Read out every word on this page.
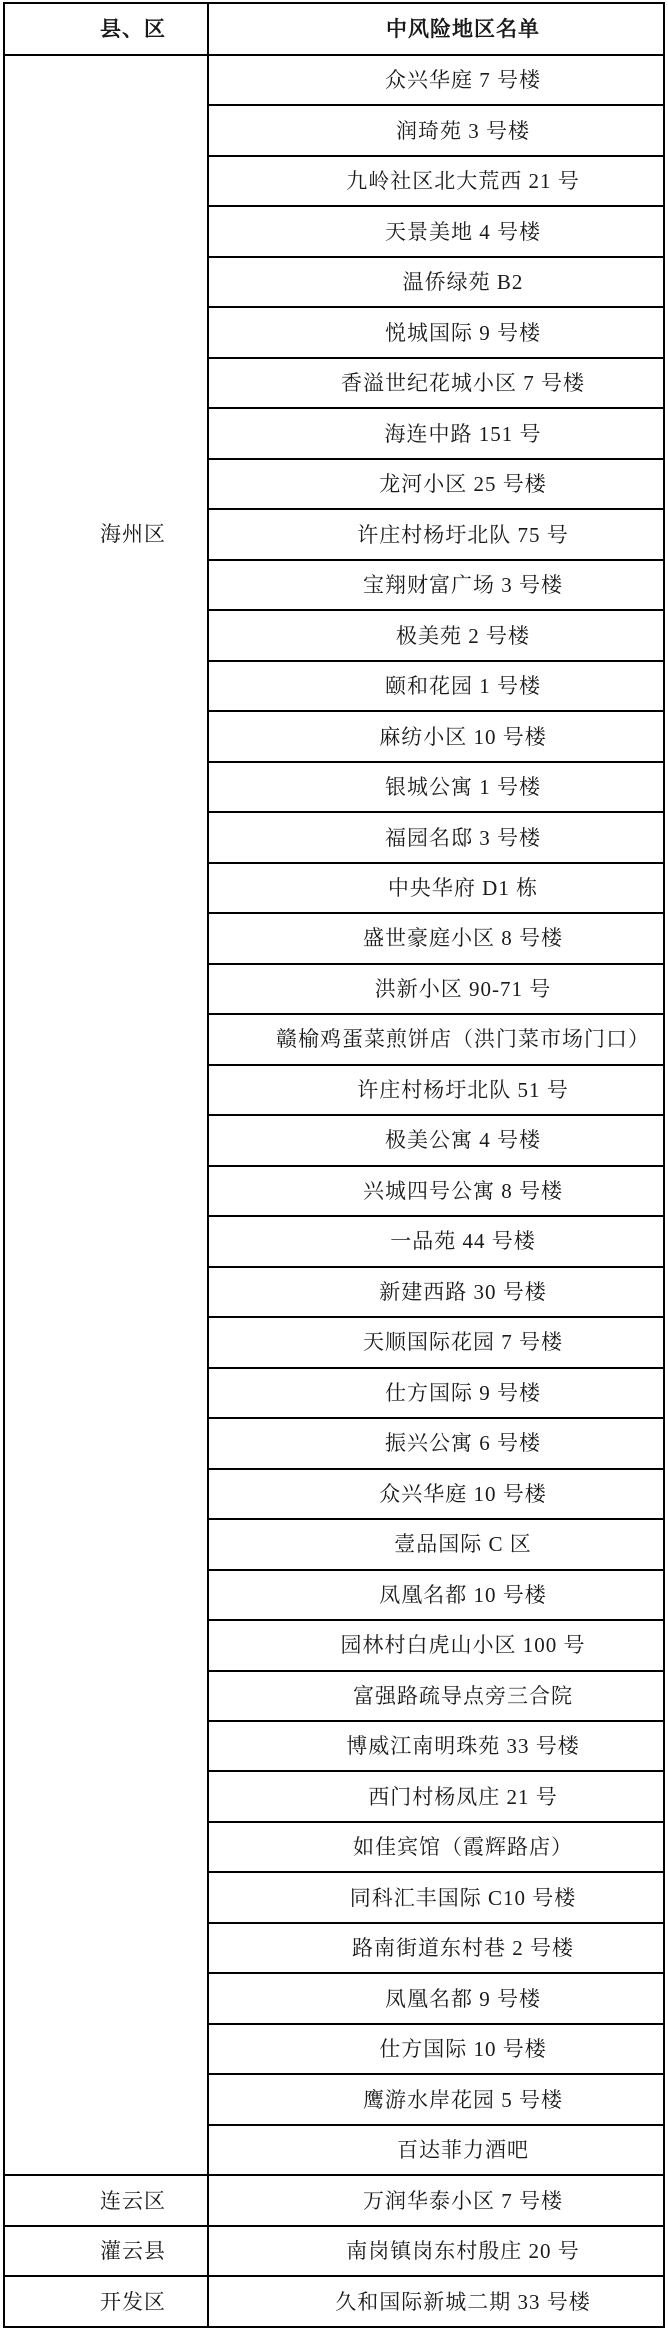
县、区	中风险地区名单

海州区	众兴华庭 7 号楼
	润琦苑 3 号楼
	九岭社区北大荒西 21 号
	天景美地 4 号楼
	温侨绿苑 B2
	悦城国际 9 号楼
	香溢世纪花城小区 7 号楼
	海连中路 151 号
	龙河小区 25 号楼
	许庄村杨圩北队 75 号
	宝翔财富广场 3 号楼
	极美苑 2 号楼
	颐和花园 1 号楼
	麻纺小区 10 号楼
	银城公寓 1 号楼
	福园名邸 3 号楼
	中央华府 D1 栋
	盛世豪庭小区 8 号楼
	洪新小区 90-71 号
	赣榆鸡蛋菜煎饼店（洪门菜市场门口）
	许庄村杨圩北队 51 号
	极美公寓 4 号楼
	兴城四号公寓 8 号楼
	一品苑 44 号楼
	新建西路 30 号楼
	天顺国际花园 7 号楼
	仕方国际 9 号楼
	振兴公寓 6 号楼
	众兴华庭 10 号楼
	壹品国际 C 区
	凤凰名都 10 号楼
	园林村白虎山小区 100 号
	富强路疏导点旁三合院
	博威江南明珠苑 33 号楼
	西门村杨凤庄 21 号
	如佳宾馆（霞辉路店）
	同科汇丰国际 C10 号楼
	路南街道东村巷 2 号楼
	凤凰名都 9 号楼
	仕方国际 10 号楼
	鹰游水岸花园 5 号楼
	百达菲力酒吧

连云区	万润华泰小区 7 号楼

灌云县	南岗镇岗东村殷庄 20 号

开发区	久和国际新城二期 33 号楼
